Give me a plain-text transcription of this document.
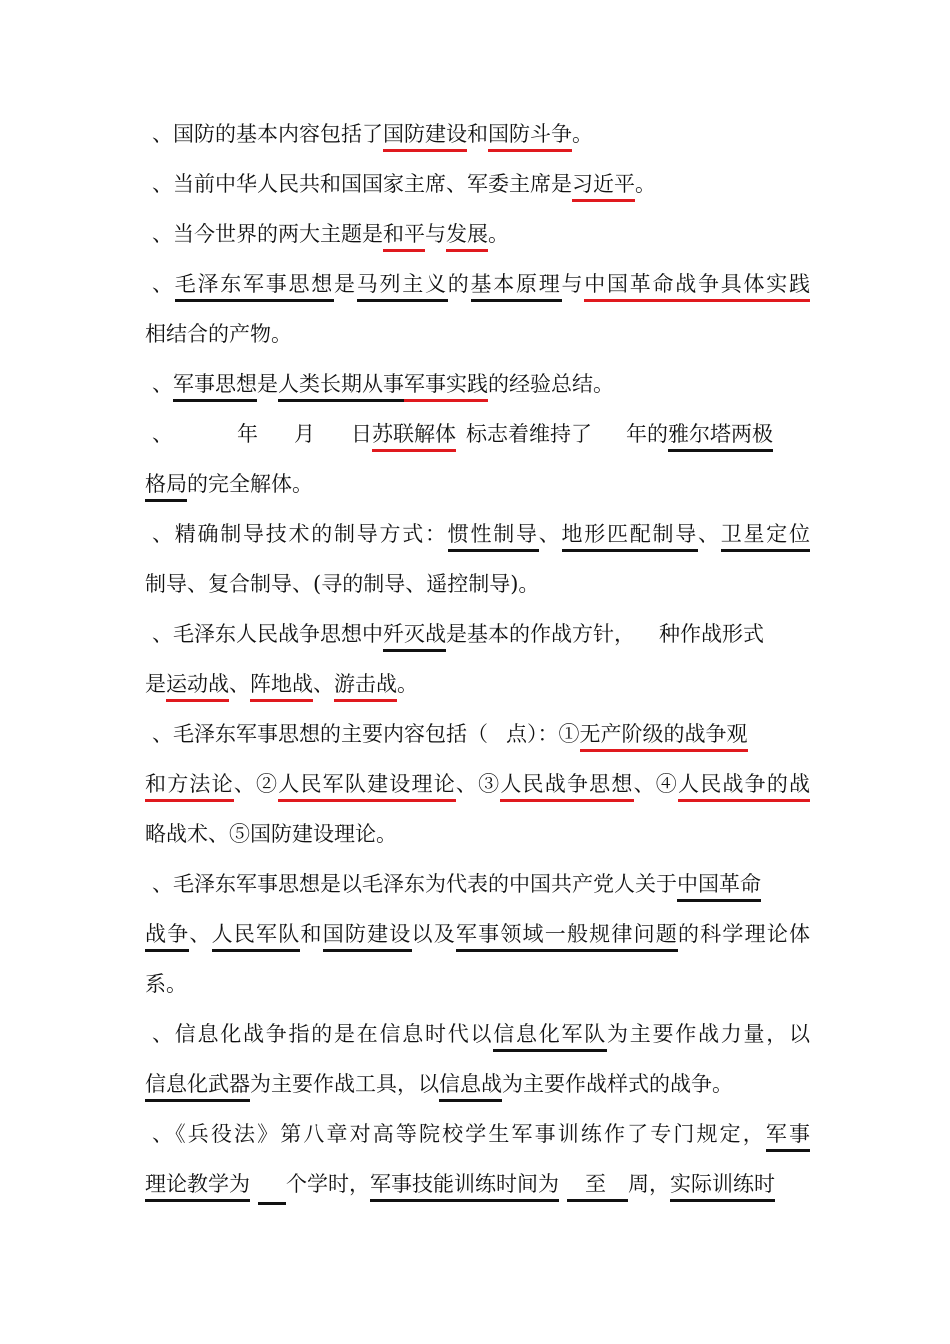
、国防的基本内容包括了国防建设和国防斗争。
、当前中华人民共和国国家主席、军委主席是习近平。
、当今世界的两大主题是和平与发展。
、毛泽东军事思想是马列主义的基本原理与中国革命战争具体实践
相结合的产物。
、军事思想是人类长期从事军事实践的经验总结。
、	年 月 日苏联解体 标志着维持了 年的雅尔塔两极
格局的完全解体。
、精确制导技术的制导方式：惯性制导、地形匹配制导、卫星定位
制导、复合制导、(寻的制导、遥控制导)。
、毛泽东人民战争思想中歼灭战是基本的作战方针， 种作战形式
是运动战、阵地战、游击战。
、毛泽东军事思想的主要内容包括（ 点）：①无产阶级的战争观
和方法论、②人民军队建设理论、③人民战争思想、④人民战争的战
略战术、⑤国防建设理论。
、毛泽东军事思想是以毛泽东为代表的中国共产党人关于中国革命
战争、人民军队和国防建设以及军事领域一般规律问题的科学理论体
系。
、信息化战争指的是在信息时代以信息化军队为主要作战力量，以
信息化武器为主要作战工具，以信息战为主要作战样式的战争。
、《兵役法》第八章对高等院校学生军事训练作了专门规定，军事
理论教学为 个学时，军事技能训练时间为 至 周，实际训练时
